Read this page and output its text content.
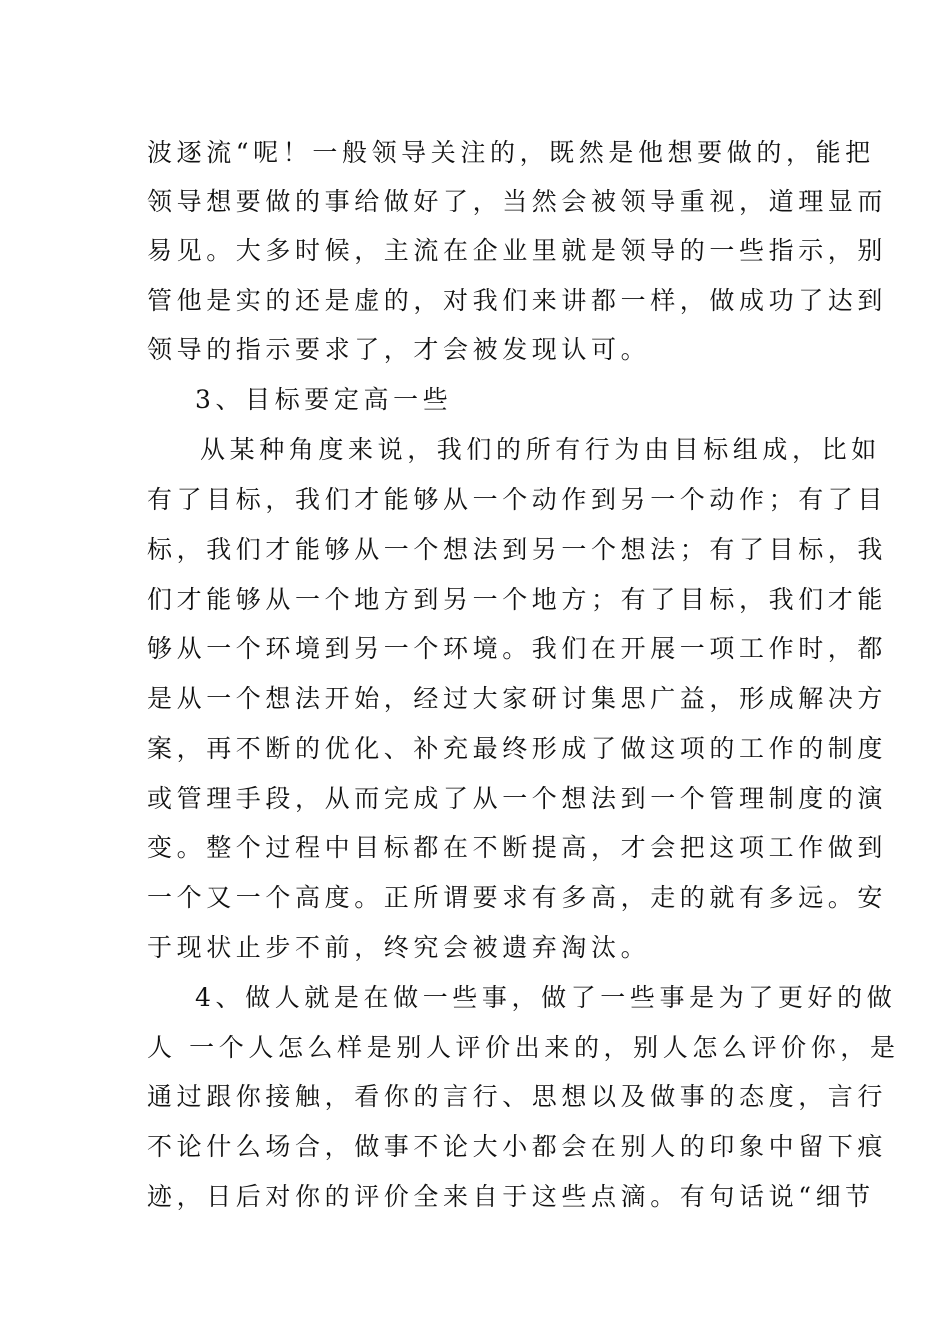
波逐流“呢！一般领导关注的，既然是他想要做的，能把
领导想要做的事给做好了，当然会被领导重视，道理显而
易见。大多时候，主流在企业里就是领导的一些指示，别
管他是实的还是虚的，对我们来讲都一样，做成功了达到
领导的指示要求了，才会被发现认可。
3、目标要定高一些
从某种角度来说，我们的所有行为由目标组成，比如
有了目标，我们才能够从一个动作到另一个动作；有了目
标，我们才能够从一个想法到另一个想法；有了目标，我
们才能够从一个地方到另一个地方；有了目标，我们才能
够从一个环境到另一个环境。我们在开展一项工作时，都
是从一个想法开始，经过大家研讨集思广益，形成解决方
案，再不断的优化、补充最终形成了做这项的工作的制度
或管理手段，从而完成了从一个想法到一个管理制度的演
变。整个过程中目标都在不断提高，才会把这项工作做到
一个又一个高度。正所谓要求有多高，走的就有多远。安
于现状止步不前，终究会被遗弃淘汰。
4、做人就是在做一些事，做了一些事是为了更好的做
人 一个人怎么样是别人评价出来的，别人怎么评价你，是
通过跟你接触，看你的言行、思想以及做事的态度，言行
不论什么场合，做事不论大小都会在别人的印象中留下痕
迹，日后对你的评价全来自于这些点滴。有句话说“细节
